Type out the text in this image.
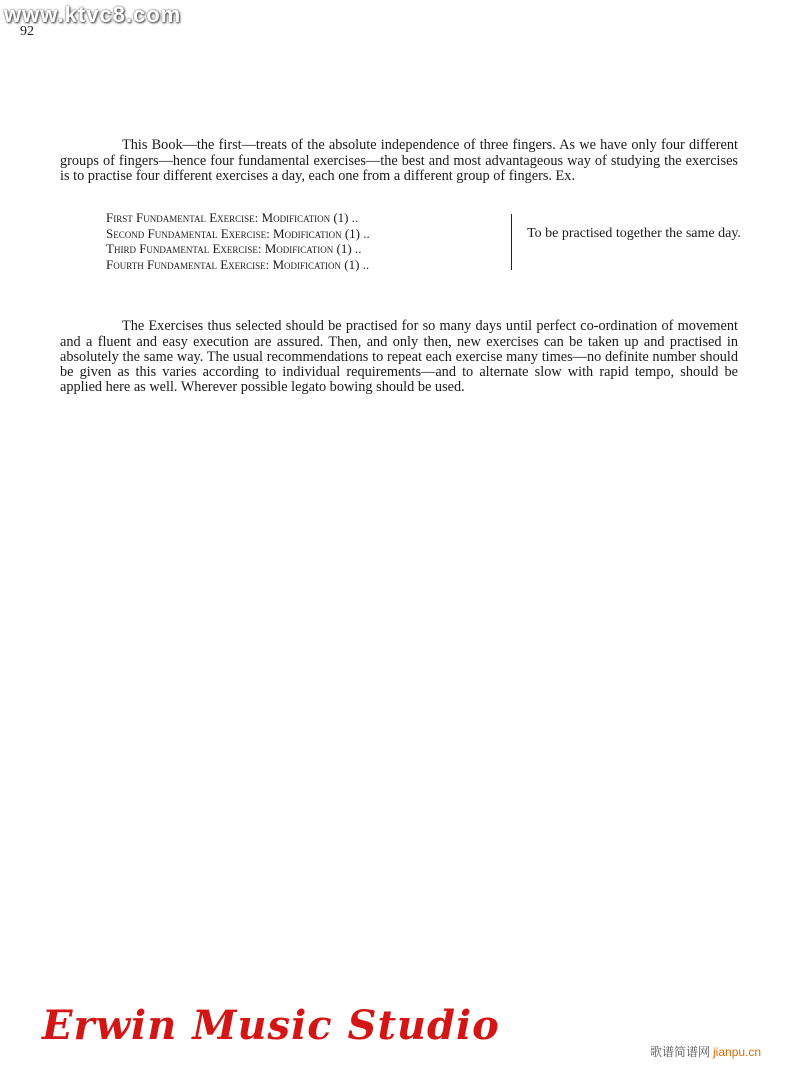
www.ktvc8.com
92

This Book—the first—treats of the absolute independence of three fingers. As we have only four different groups of fingers—hence four fundamental exercises—the best and most advantageous way of studying the exercises is to practise four different exercises a day, each one from a different group of fingers. Ex.

First Fundamental Exercise: Modification (1) ..
Second Fundamental Exercise: Modification (1) ..
Third Fundamental Exercise: Modification (1) ..
Fourth Fundamental Exercise: Modification (1) ..
To be practised together the same day.

The Exercises thus selected should be practised for so many days until perfect co-ordination of movement and a fluent and easy execution are assured. Then, and only then, new exercises can be taken up and practised in absolutely the same way. The usual recommendations to repeat each exercise many times—no definite number should be given as this varies according to individual requirements—and to alternate slow with rapid tempo, should be applied here as well. Wherever possible legato bowing should be used.

Erwin Music Studio
歌谱简谱网 jianpu.cn
